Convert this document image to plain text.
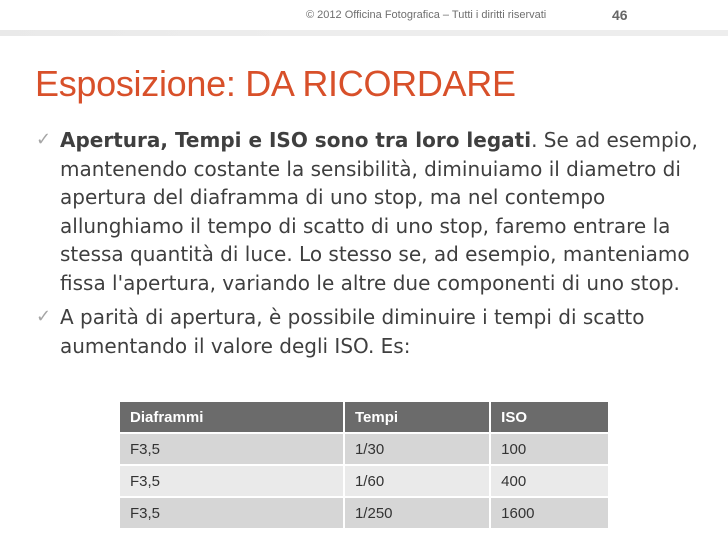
© 2012 Officina Fotografica – Tutti i diritti riservati	46
Esposizione: DA RICORDARE
✓ Apertura, Tempi e ISO sono tra loro legati. Se ad esempio, mantenendo costante la sensibilità, diminuiamo il diametro di apertura del diaframma di uno stop, ma nel contempo allunghiamo il tempo di scatto di uno stop, faremo entrare la stessa quantità di luce. Lo stesso se, ad esempio, manteniamo fissa l'apertura, variando le altre due componenti di uno stop.
✓ A parità di apertura, è possibile diminuire i tempi di scatto aumentando il valore degli ISO. Es:
Diaframmi	Tempi	ISO
F3,5	1/30	100
F3,5	1/60	400
F3,5	1/250	1600
